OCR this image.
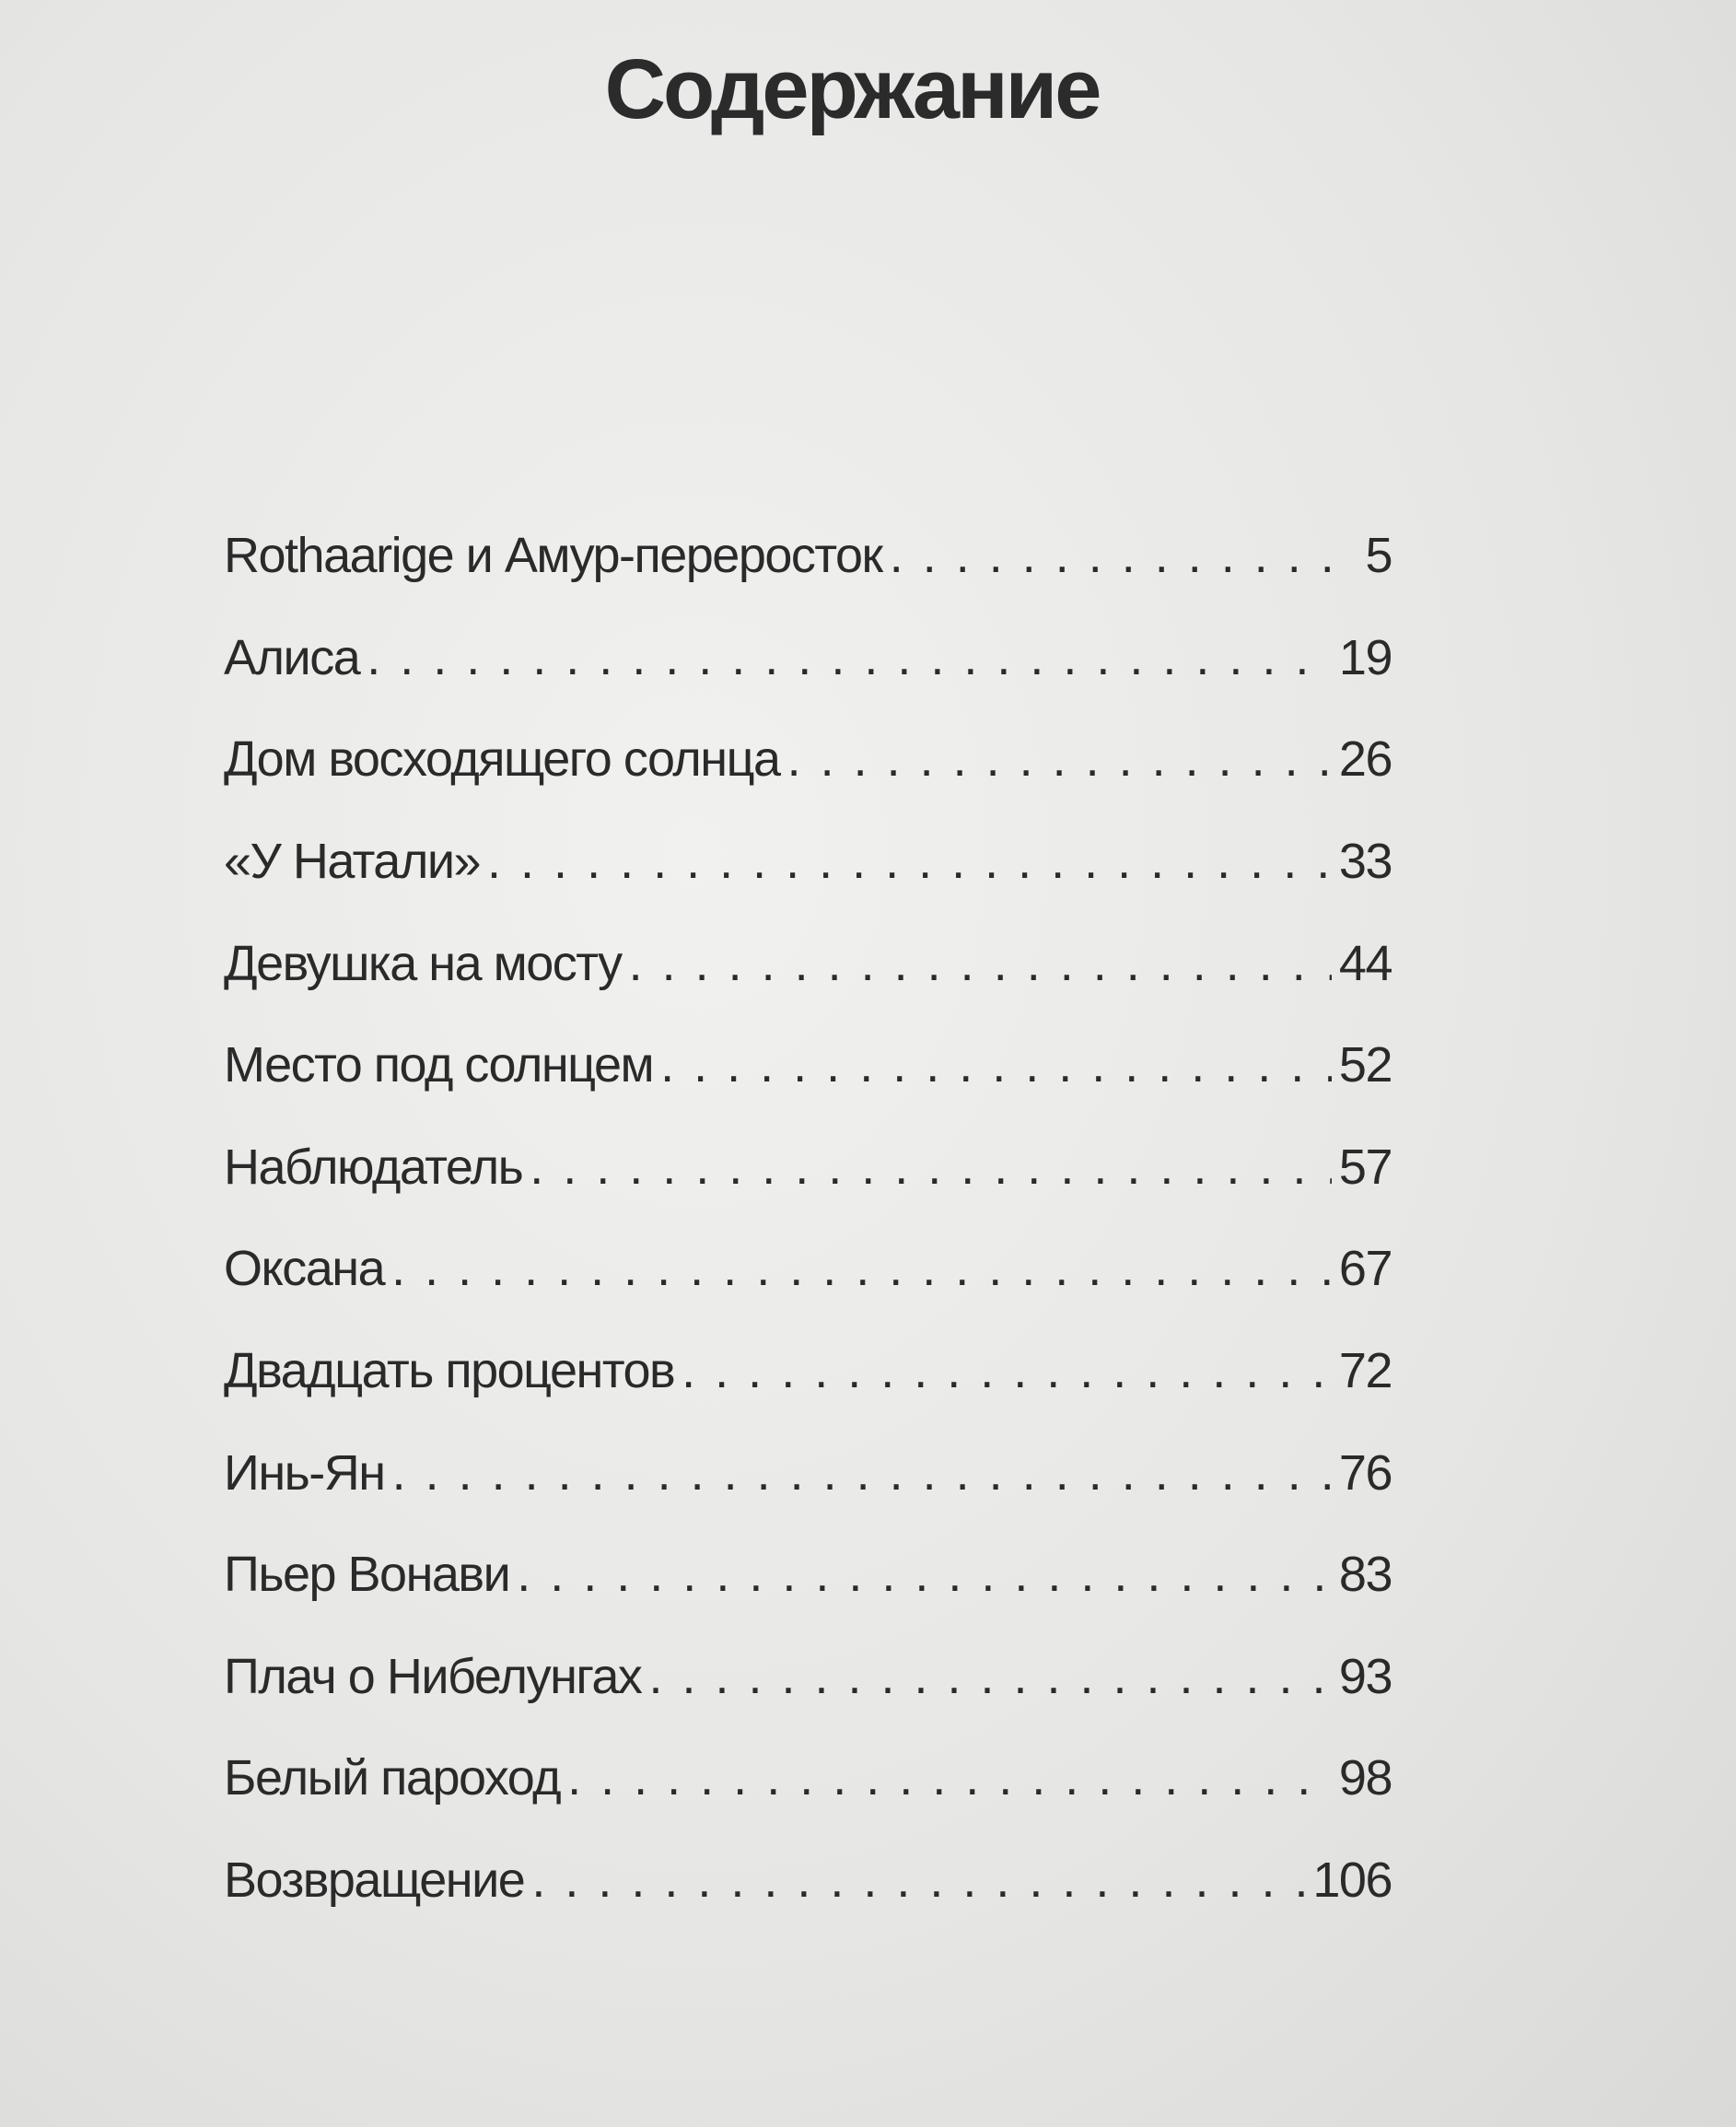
Содержание
Rothaarige и Амур-переросток . . .	5
Алиса . . .	19
Дом восходящего солнца . . .	26
«У Натали» . . .	33
Девушка на мосту . . .	44
Место под солнцем . . .	52
Наблюдатель . . .	57
Оксана . . .	67
Двадцать процентов . . .	72
Инь-Ян . . .	76
Пьер Вонави . . .	83
Плач о Нибелунгах . . .	93
Белый пароход . . .	98
Возвращение . . .	106
